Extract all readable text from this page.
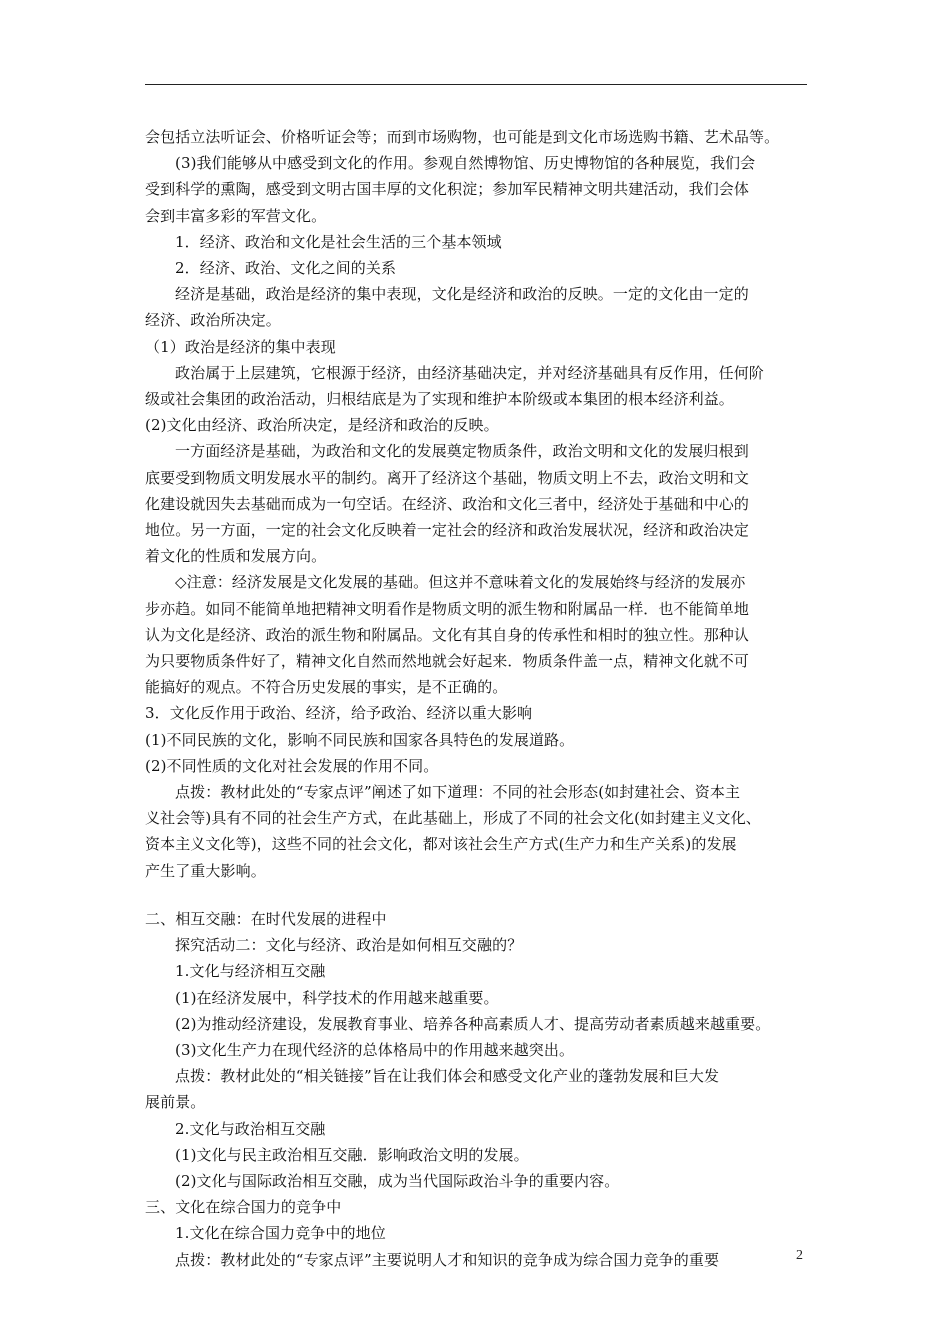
会包括立法听证会、价格听证会等；而到市场购物，也可能是到文化市场选购书籍、艺术品等。

(3)我们能够从中感受到文化的作用。参观自然博物馆、历史博物馆的各种展览，我们会

受到科学的熏陶，感受到文明古国丰厚的文化积淀；参加军民精神文明共建活动，我们会体

会到丰富多彩的军营文化。

1．经济、政治和文化是社会生活的三个基本领域

2．经济、政治、文化之间的关系

经济是基础，政治是经济的集中表现，文化是经济和政治的反映。一定的文化由一定的

经济、政治所决定。

（1）政治是经济的集中表现

政治属于上层建筑，它根源于经济，由经济基础决定，并对经济基础具有反作用，任何阶

级或社会集团的政治活动，归根结底是为了实现和维护本阶级或本集团的根本经济利益。

(2)文化由经济、政治所决定，是经济和政治的反映。

一方面经济是基础，为政治和文化的发展奠定物质条件，政治文明和文化的发展归根到

底要受到物质文明发展水平的制约。离开了经济这个基础，物质文明上不去，政治文明和文

化建设就因失去基础而成为一句空话。在经济、政治和文化三者中，经济处于基础和中心的

地位。另一方面，一定的社会文化反映着一定社会的经济和政治发展状况，经济和政治决定

着文化的性质和发展方向。

◇注意：经济发展是文化发展的基础。但这并不意味着文化的发展始终与经济的发展亦

步亦趋。如同不能简单地把精神文明看作是物质文明的派生物和附属品一样．也不能简单地

认为文化是经济、政治的派生物和附属品。文化有其自身的传承性和相时的独立性。那种认

为只要物质条件好了，精神文化自然而然地就会好起来．物质条件盖一点，精神文化就不可

能搞好的观点。不符合历史发展的事实，是不正确的。

3．文化反作用于政治、经济，给予政治、经济以重大影响

(1)不同民族的文化，影响不同民族和国家各具特色的发展道路。

(2)不同性质的文化对社会发展的作用不同。

点拨：教材此处的“专家点评”阐述了如下道理：不同的社会形态(如封建社会、资本主

义社会等)具有不同的社会生产方式，在此基础上，形成了不同的社会文化(如封建主义文化、

资本主义文化等)，这些不同的社会文化，都对该社会生产方式(生产力和生产关系)的发展

产生了重大影响。

二、相互交融：在时代发展的进程中

探究活动二：文化与经济、政治是如何相互交融的？

1.文化与经济相互交融

(1)在经济发展中，科学技术的作用越来越重要。

(2)为推动经济建设，发展教育事业、培养各种高素质人才、提高劳动者素质越来越重要。

(3)文化生产力在现代经济的总体格局中的作用越来越突出。

点拨：教材此处的“相关链接”旨在让我们体会和感受文化产业的蓬勃发展和巨大发

展前景。

2.文化与政治相互交融

(1)文化与民主政治相互交融．影响政治文明的发展。

(2)文化与国际政治相互交融，成为当代国际政治斗争的重要内容。

三、文化在综合国力的竞争中

1.文化在综合国力竞争中的地位

点拨：教材此处的“专家点评”主要说明人才和知识的竞争成为综合国力竞争的重要	2
